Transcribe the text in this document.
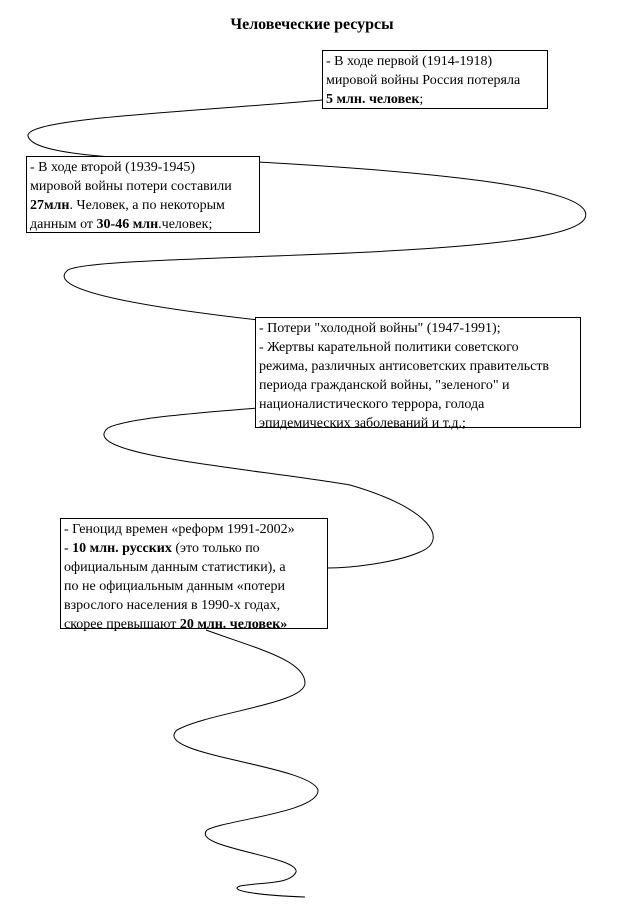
Человеческие ресурсы
- В ходе первой (1914-1918)
мировой войны Россия потеряла
5 млн. человек;
- В ходе второй (1939-1945)
мировой войны потери составили
27млн. Человек, а по некоторым
данным от 30-46 млн.человек;
- Потери "холодной войны" (1947-1991);
- Жертвы карательной политики советского
режима, различных антисоветских правительств
периода гражданской войны, "зеленого" и
националистического террора, голода
эпидемических заболеваний и т.д.;
- Геноцид времен «реформ 1991-2002»
- 10 млн. русских (это только по
официальным данным статистики), а
по не официальным данным «потери
взрослого населения в 1990-х годах,
скорее превышают 20 млн. человек»
